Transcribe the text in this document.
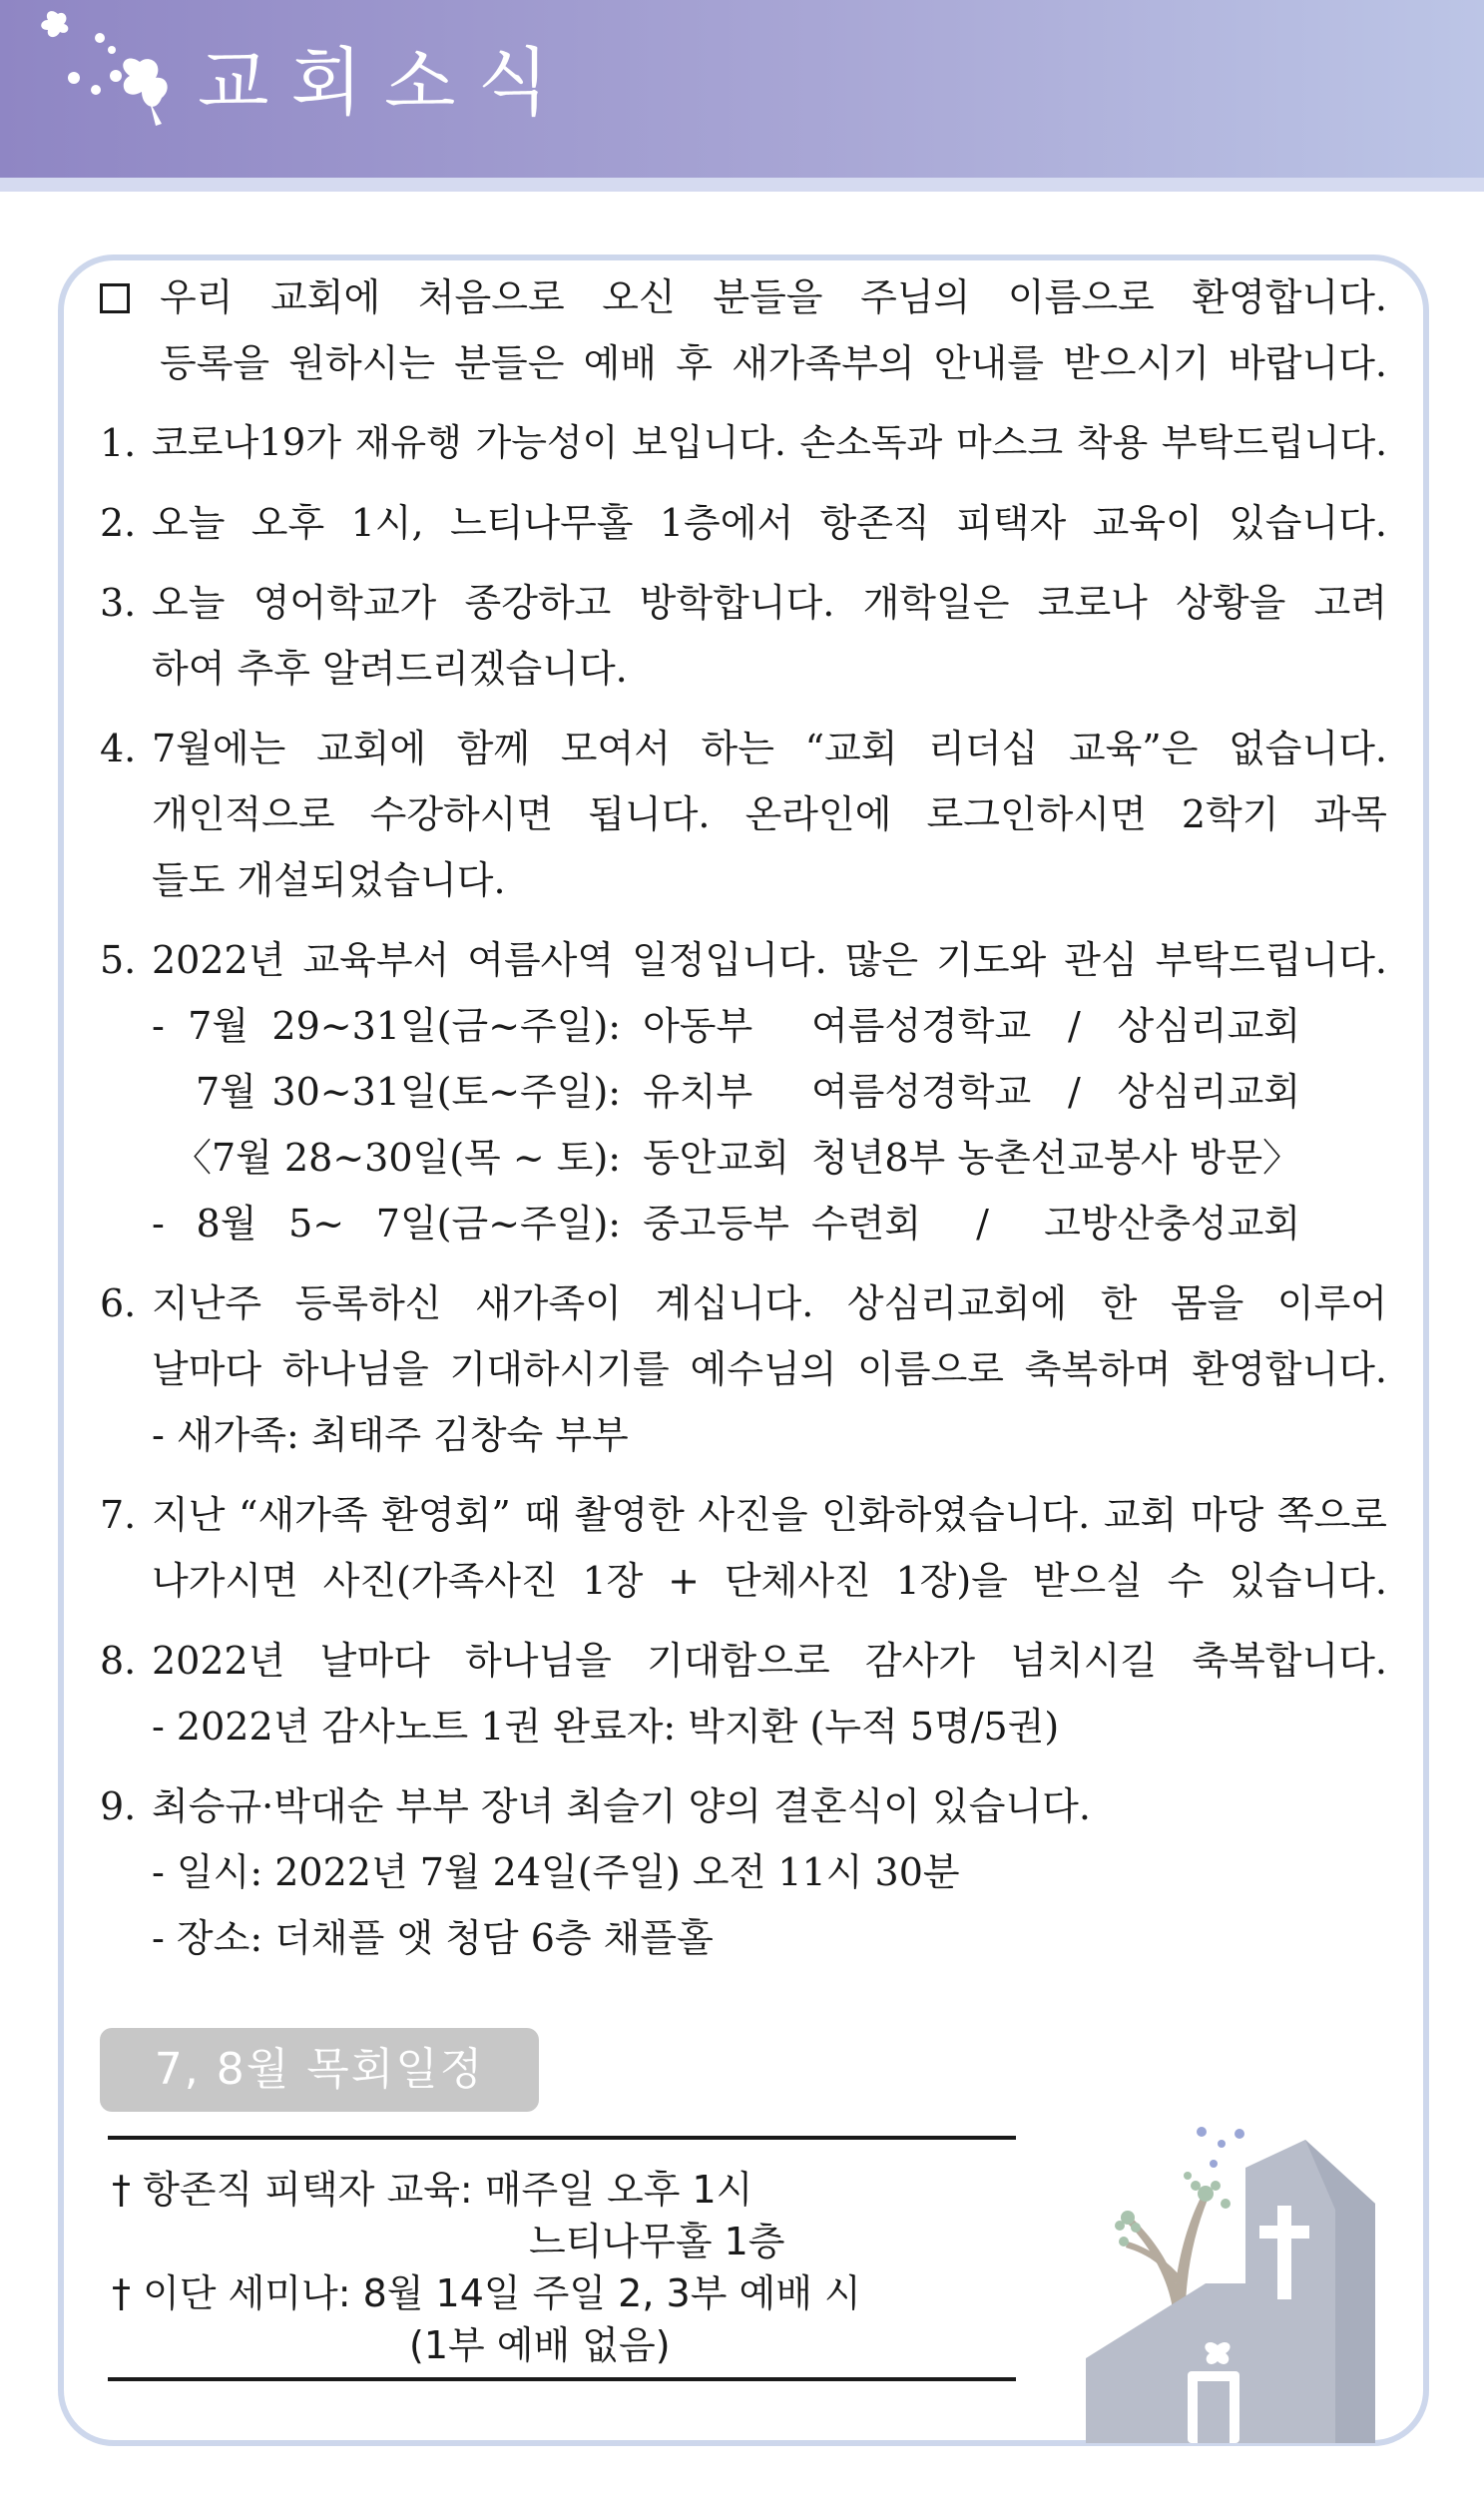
교회소식
우리 교회에 처음으로 오신 분들을 주님의 이름으로 환영합니다.
등록을 원하시는 분들은 예배 후 새가족부의 안내를 받으시기 바랍니다.
1. 코로나19가 재유행 가능성이 보입니다. 손소독과 마스크 착용 부탁드립니다.
2. 오늘 오후 1시, 느티나무홀 1층에서 항존직 피택자 교육이 있습니다.
3. 오늘 영어학교가 종강하고 방학합니다. 개학일은 코로나 상황을 고려
하여 추후 알려드리겠습니다.
4. 7월에는 교회에 함께 모여서 하는 “교회 리더십 교육”은 없습니다.
개인적으로 수강하시면 됩니다. 온라인에 로그인하시면 2학기 과목
들도 개설되었습니다.
5. 2022년 교육부서 여름사역 일정입니다. 많은 기도와 관심 부탁드립니다.
- 7월 29~31일(금~주일): 아동부	여름성경학교 / 상심리교회
7월 30~31일(토~주일): 유치부	여름성경학교 / 상심리교회
〈7월 28~30일(목 ~ 토): 동안교회 청년8부 농촌선교봉사 방문〉
- 8월 5~ 7일(금~주일): 중고등부 수련회 / 고방산충성교회
6. 지난주 등록하신 새가족이 계십니다. 상심리교회에 한 몸을 이루어
날마다 하나님을 기대하시기를 예수님의 이름으로 축복하며 환영합니다.
- 새가족: 최태주 김창숙 부부
7. 지난 “새가족 환영회” 때 촬영한 사진을 인화하였습니다. 교회 마당 쪽으로
나가시면 사진(가족사진 1장 + 단체사진 1장)을 받으실 수 있습니다.
8. 2022년 날마다 하나님을 기대함으로 감사가 넘치시길 축복합니다.
- 2022년 감사노트 1권 완료자: 박지환 (누적 5명/5권)
9. 최승규·박대순 부부 장녀 최슬기 양의 결혼식이 있습니다.
- 일시: 2022년 7월 24일(주일) 오전 11시 30분
- 장소: 더채플 앳 청담 6층 채플홀
7, 8월 목회일정
† 항존직 피택자 교육: 매주일 오후 1시
느티나무홀 1층
† 이단 세미나: 8월 14일 주일 2, 3부 예배 시
(1부 예배 없음)
